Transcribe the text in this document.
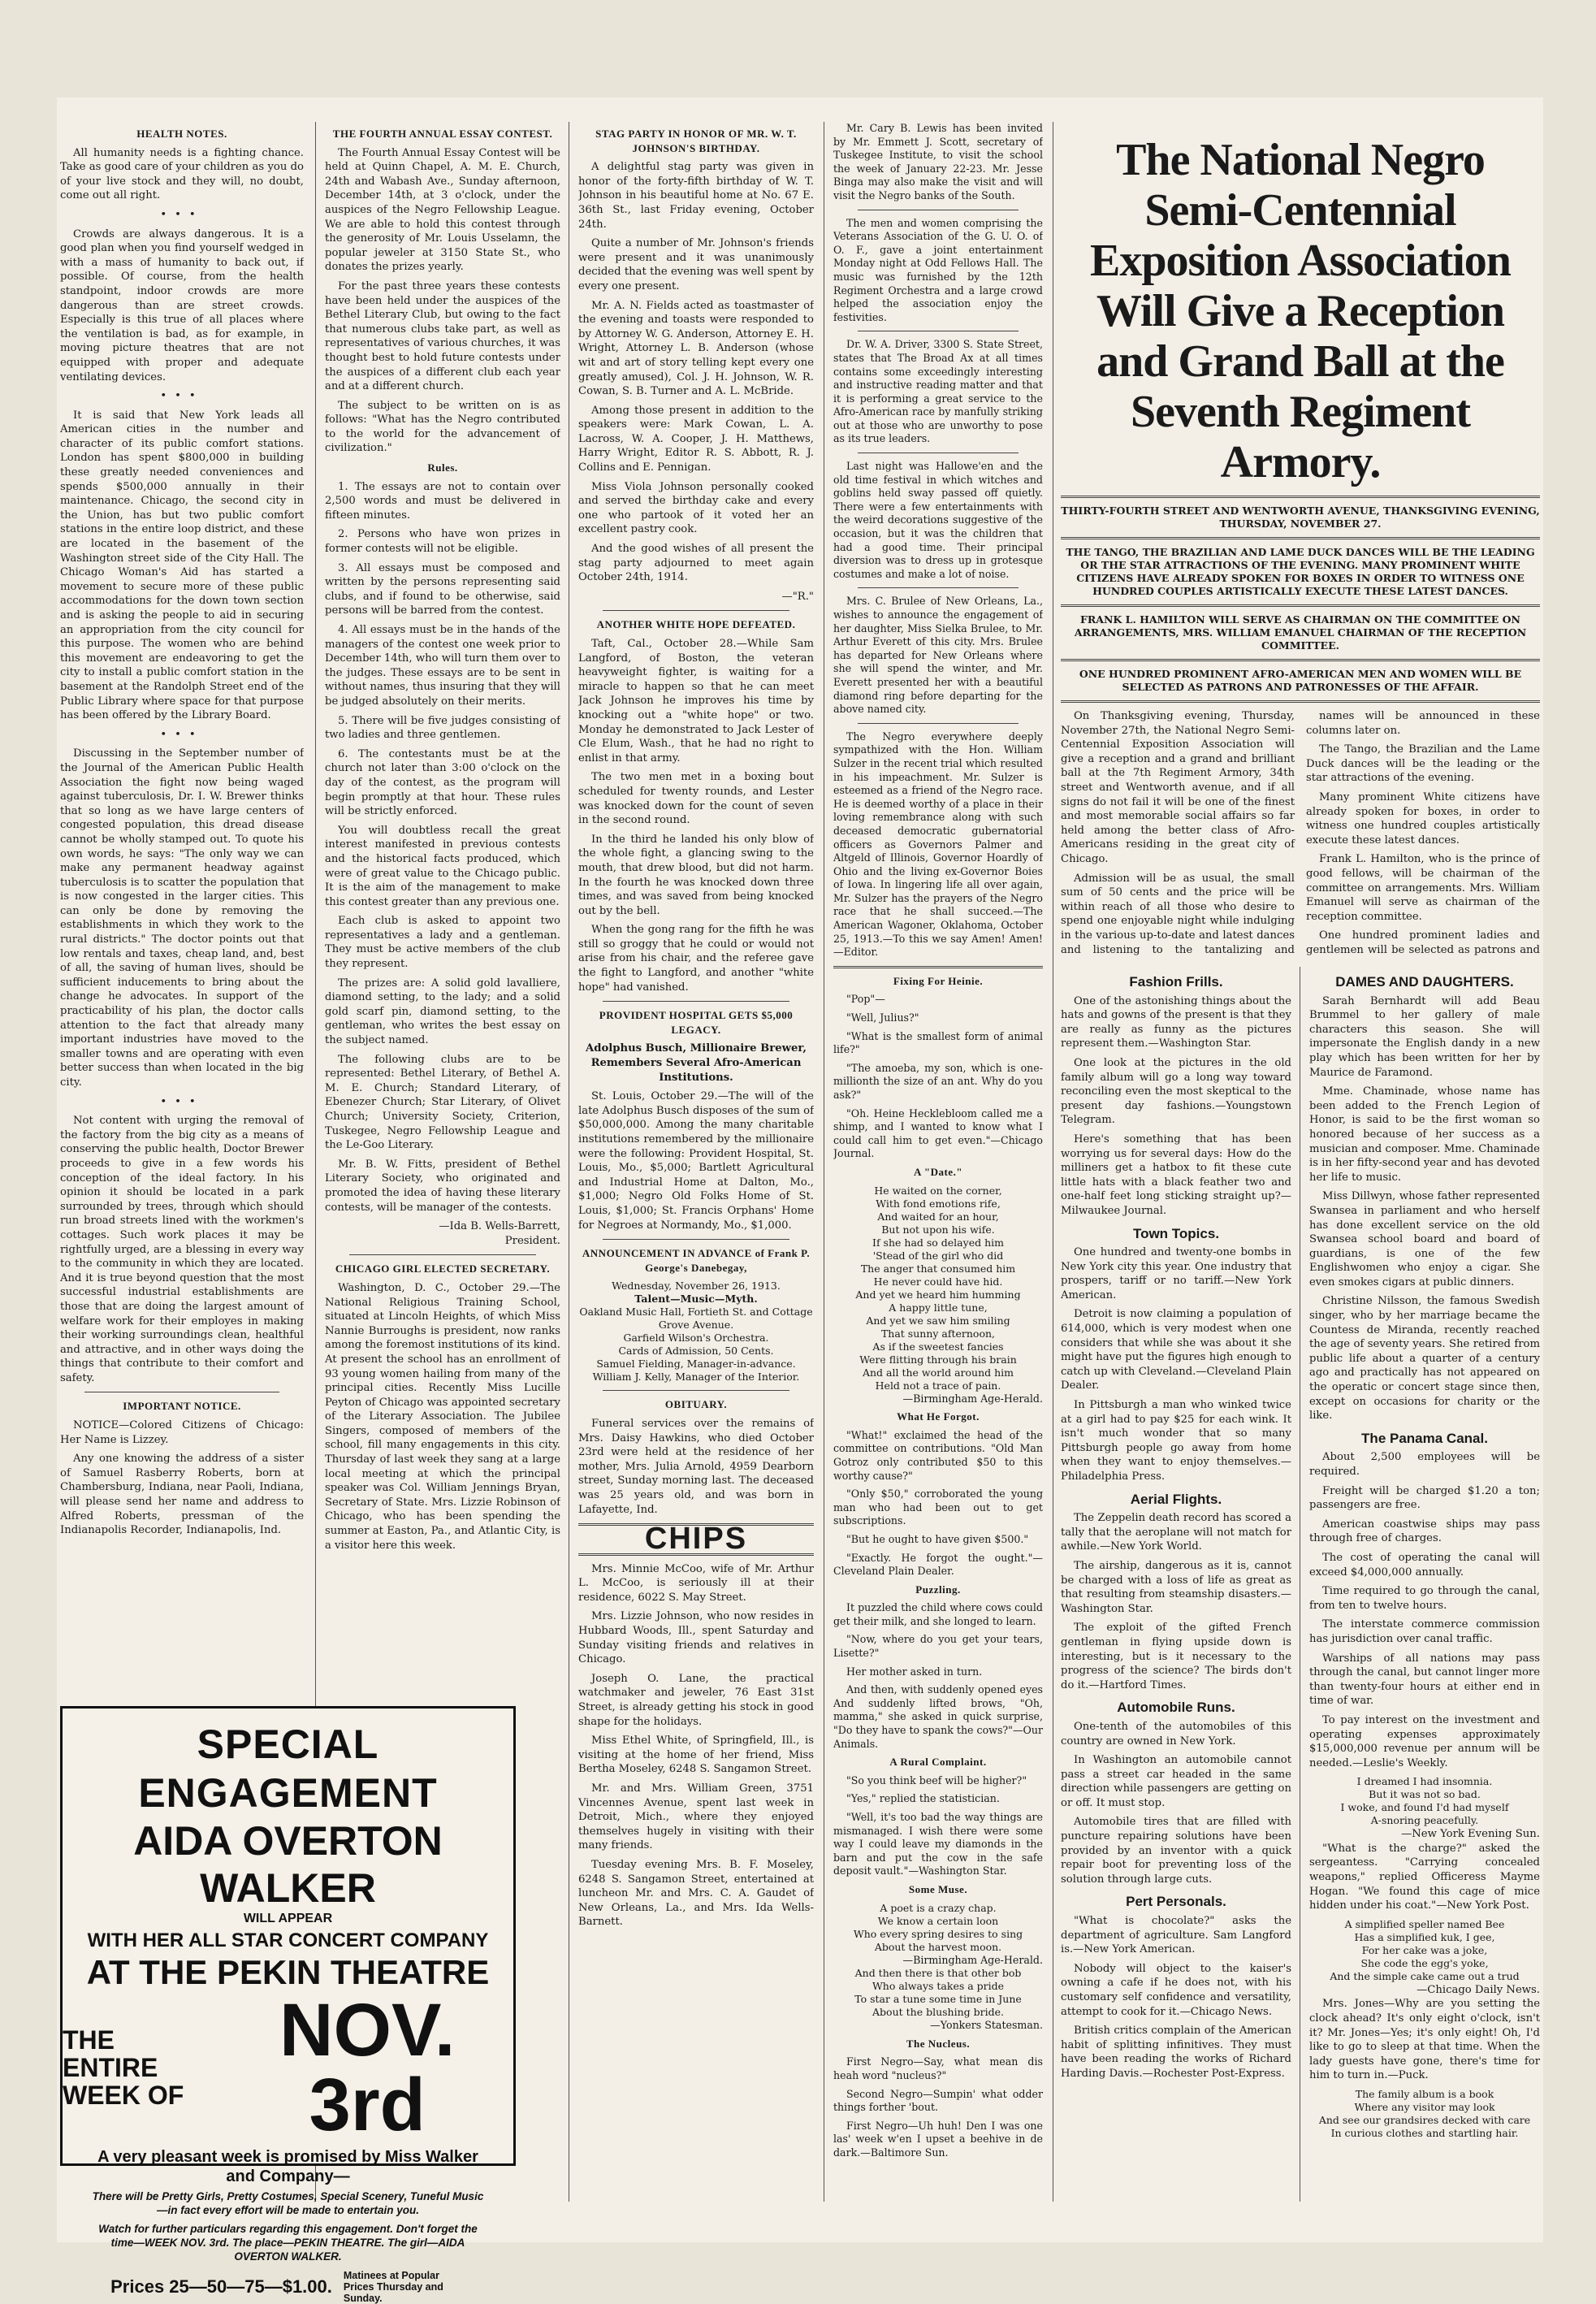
HEALTH NOTES.

All humanity needs is a fighting chance. Take as good care of your children as you do of your live stock and they will, no doubt, come out all right.

•••

Crowds are always dangerous. It is a good plan when you find yourself wedged in with a mass of humanity to back out, if possible. Of course, from the health standpoint, indoor crowds are more dangerous than are street crowds. Especially is this true of all places where the ventilation is bad, as for example, in moving picture theatres that are not equipped with proper and adequate ventilating devices.

•••

It is said that New York leads all American cities in the number and character of its public comfort stations. London has spent $800,000 in building these greatly needed conveniences and spends $500,000 annually in their maintenance. Chicago, the second city in the Union, has but two public comfort stations in the entire loop district, and these are located in the basement of the Washington street side of the City Hall. The Chicago Woman's Aid has started a movement to secure more of these public accommodations for the down town section and is asking the people to aid in securing an appropriation from the city council for this purpose. The women who are behind this movement are endeavoring to get the city to install a public comfort station in the basement at the Randolph Street end of the Public Library where space for that purpose has been offered by the Library Board.

•••

Discussing in the September number of the Journal of the American Public Health Association the fight now being waged against tuberculosis, Dr. I. W. Brewer thinks that so long as we have large centers of congested population, this dread disease cannot be wholly stamped out. To quote his own words, he says: "The only way we can make any permanent headway against tuberculosis is to scatter the population that is now congested in the larger cities. This can only be done by removing the establishments in which they work to the rural districts." The doctor points out that low rentals and taxes, cheap land, and, best of all, the saving of human lives, should be sufficient inducements to bring about the change he advocates. In support of the practicability of his plan, the doctor calls attention to the fact that already many important industries have moved to the smaller towns and are operating with even better success than when located in the big city.

•••

Not content with urging the removal of the factory from the big city as a means of conserving the public health, Doctor Brewer proceeds to give in a few words his conception of the ideal factory. In his opinion it should be located in a park surrounded by trees, through which should run broad streets lined with the workmen's cottages. Such work places it may be rightfully urged, are a blessing in every way to the community in which they are located. And it is true beyond question that the most successful industrial establishments are those that are doing the largest amount of welfare work for their employes in making their working surroundings clean, healthful and attractive, and in other ways doing the things that contribute to their comfort and safety.

IMPORTANT NOTICE.

NOTICE—Colored Citizens of Chicago: Her Name is Lizzey.

Any one knowing the address of a sister of Samuel Rasberry Roberts, born at Chambersburg, Indiana, near Paoli, Indiana, will please send her name and address to Alfred Roberts, pressman of the Indianapolis Recorder, Indianapolis, Ind.

THE FOURTH ANNUAL ESSAY CONTEST.

The Fourth Annual Essay Contest will be held at Quinn Chapel, A. M. E. Church, 24th and Wabash Ave., Sunday afternoon, December 14th, at 3 o'clock, under the auspices of the Negro Fellowship League. We are able to hold this contest through the generosity of Mr. Louis Usselamn, the popular jeweler at 3150 State St., who donates the prizes yearly.

For the past three years these contests have been held under the auspices of the Bethel Literary Club, but owing to the fact that numerous clubs take part, as well as representatives of various churches, it was thought best to hold future contests under the auspices of a different club each year and at a different church.

The subject to be written on is as follows: "What has the Negro contributed to the world for the advancement of civilization."

Rules.

1. The essays are not to contain over 2,500 words and must be delivered in fifteen minutes.

2. Persons who have won prizes in former contests will not be eligible.

3. All essays must be composed and written by the persons representing said clubs, and if found to be otherwise, said persons will be barred from the contest.

4. All essays must be in the hands of the managers of the contest one week prior to December 14th, who will turn them over to the judges. These essays are to be sent in without names, thus insuring that they will be judged absolutely on their merits.

5. There will be five judges consisting of two ladies and three gentlemen.

6. The contestants must be at the church not later than 3:00 o'clock on the day of the contest, as the program will begin promptly at that hour. These rules will be strictly enforced.

You will doubtless recall the great interest manifested in previous contests and the historical facts produced, which were of great value to the Chicago public. It is the aim of the management to make this contest greater than any previous one.

Each club is asked to appoint two representatives a lady and a gentleman. They must be active members of the club they represent.

The prizes are: A solid gold lavalliere, diamond setting, to the lady; and a solid gold scarf pin, diamond setting, to the gentleman, who writes the best essay on the subject named.

The following clubs are to be represented: Bethel Literary, of Bethel A. M. E. Church; Standard Literary, of Ebenezer Church; Star Literary, of Olivet Church; University Society, Criterion, Tuskegee, Negro Fellowship League and the Le-Goo Literary.

Mr. B. W. Fitts, president of Bethel Literary Society, who originated and promoted the idea of having these literary contests, will be manager of the contests.

—Ida B. Wells-Barrett,
President.
CHICAGO GIRL ELECTED SECRETARY.

Washington, D. C., October 29.—The National Religious Training School, situated at Lincoln Heights, of which Miss Nannie Burroughs is president, now ranks among the foremost institutions of its kind. At present the school has an enrollment of 93 young women hailing from many of the principal cities. Recently Miss Lucille Peyton of Chicago was appointed secretary of the Literary Association. The Jubilee Singers, composed of members of the school, fill many engagements in this city. Thursday of last week they sang at a large local meeting at which the principal speaker was Col. William Jennings Bryan, Secretary of State. Mrs. Lizzie Robinson of Chicago, who has been spending the summer at Easton, Pa., and Atlantic City, is a visitor here this week.

SPECIAL ENGAGEMENT
AIDA OVERTON WALKER
WILL APPEAR
WITH HER ALL STAR CONCERT COMPANY
AT THE PEKIN THEATRE
THE ENTIRE
WEEK OF
NOV. 3rd
A very pleasant week is promised by Miss Walker and Company—
There will be Pretty Girls, Pretty Costumes, Special Scenery, Tuneful Music—in fact every effort will be made to entertain you.
Watch for further particulars regarding this engagement. Don't forget the time—WEEK NOV. 3rd. The place—PEKIN THEATRE. The girl—AIDA OVERTON WALKER.
Prices 25—50—75—$1.00.
Matinees at Popular Prices Thursday and Sunday.
STAG PARTY IN HONOR OF MR. W. T. JOHNSON'S BIRTHDAY.

A delightful stag party was given in honor of the forty-fifth birthday of W. T. Johnson in his beautiful home at No. 67 E. 36th St., last Friday evening, October 24th.

Quite a number of Mr. Johnson's friends were present and it was unanimously decided that the evening was well spent by every one present.

Mr. A. N. Fields acted as toastmaster of the evening and toasts were responded to by Attorney W. G. Anderson, Attorney E. H. Wright, Attorney L. B. Anderson (whose wit and art of story telling kept every one greatly amused), Col. J. H. Johnson, W. R. Cowan, S. B. Turner and A. L. McBride.

Among those present in addition to the speakers were: Mark Cowan, L. A. Lacross, W. A. Cooper, J. H. Matthews, Harry Wright, Editor R. S. Abbott, R. J. Collins and E. Pennigan.

Miss Viola Johnson personally cooked and served the birthday cake and every one who partook of it voted her an excellent pastry cook.

And the good wishes of all present the stag party adjourned to meet again October 24th, 1914.

—"R."
ANOTHER WHITE HOPE DEFEATED.

Taft, Cal., October 28.—While Sam Langford, of Boston, the veteran heavyweight fighter, is waiting for a miracle to happen so that he can meet Jack Johnson he improves his time by knocking out a "white hope" or two. Monday he demonstrated to Jack Lester of Cle Elum, Wash., that he had no right to enlist in that army.

The two men met in a boxing bout scheduled for twenty rounds, and Lester was knocked down for the count of seven in the second round.

In the third he landed his only blow of the whole fight, a glancing swing to the mouth, that drew blood, but did not harm. In the fourth he was knocked down three times, and was saved from being knocked out by the bell.

When the gong rang for the fifth he was still so groggy that he could or would not arise from his chair, and the referee gave the fight to Langford, and another "white hope" had vanished.

PROVIDENT HOSPITAL GETS $5,000 LEGACY.

Adolphus Busch, Millionaire Brewer, Remembers Several Afro-American Institutions.

St. Louis, October 29.—The will of the late Adolphus Busch disposes of the sum of $50,000,000. Among the many charitable institutions remembered by the millionaire were the following: Provident Hospital, St. Louis, Mo., $5,000; Bartlett Agricultural and Industrial Home at Dalton, Mo., $1,000; Negro Old Folks Home of St. Louis, $1,000; St. Francis Orphans' Home for Negroes at Normandy, Mo., $1,000.

ANNOUNCEMENT IN ADVANCE of Frank P. George's Danebegay,
Wednesday, November 26, 1913.
Talent—Music—Myth.
Oakland Music Hall, Fortieth St. and Cottage Grove Avenue.
Garfield Wilson's Orchestra.
Cards of Admission, 50 Cents.
Samuel Fielding, Manager-in-advance.
William J. Kelly, Manager of the Interior.
OBITUARY.

Funeral services over the remains of Mrs. Daisy Hawkins, who died October 23rd were held at the residence of her mother, Mrs. Julia Arnold, 4959 Dearborn street, Sunday morning last. The deceased was 25 years old, and was born in Lafayette, Ind.

CHIPS

Mrs. Minnie McCoo, wife of Mr. Arthur L. McCoo, is seriously ill at their residence, 6022 S. May Street.

Mrs. Lizzie Johnson, who now resides in Hubbard Woods, Ill., spent Saturday and Sunday visiting friends and relatives in Chicago.

Joseph O. Lane, the practical watchmaker and jeweler, 76 East 31st Street, is already getting his stock in good shape for the holidays.

Miss Ethel White, of Springfield, Ill., is visiting at the home of her friend, Miss Bertha Moseley, 6248 S. Sangamon Street.

Mr. and Mrs. William Green, 3751 Vincennes Avenue, spent last week in Detroit, Mich., where they enjoyed themselves hugely in visiting with their many friends.

Tuesday evening Mrs. B. F. Moseley, 6248 S. Sangamon Street, entertained at luncheon Mr. and Mrs. C. A. Gaudet of New Orleans, La., and Mrs. Ida Wells-Barnett.

Mr. Cary B. Lewis has been invited by Mr. Emmett J. Scott, secretary of Tuskegee Institute, to visit the school the week of January 22-23. Mr. Jesse Binga may also make the visit and will visit the Negro banks of the South.

The men and women comprising the Veterans Association of the G. U. O. of O. F., gave a joint entertainment Monday night at Odd Fellows Hall. The music was furnished by the 12th Regiment Orchestra and a large crowd helped the association enjoy the festivities.

Dr. W. A. Driver, 3300 S. State Street, states that The Broad Ax at all times contains some exceedingly interesting and instructive reading matter and that it is performing a great service to the Afro-American race by manfully striking out at those who are unworthy to pose as its true leaders.

Last night was Hallowe'en and the old time festival in which witches and goblins held sway passed off quietly. There were a few entertainments with the weird decorations suggestive of the occasion, but it was the children that had a good time. Their principal diversion was to dress up in grotesque costumes and make a lot of noise.

Mrs. C. Brulee of New Orleans, La., wishes to announce the engagement of her daughter, Miss Sielka Brulee, to Mr. Arthur Everett of this city. Mrs. Brulee has departed for New Orleans where she will spend the winter, and Mr. Everett presented her with a beautiful diamond ring before departing for the above named city.

The Negro everywhere deeply sympathized with the Hon. William Sulzer in the recent trial which resulted in his impeachment. Mr. Sulzer is esteemed as a friend of the Negro race. He is deemed worthy of a place in their loving remembrance along with such deceased democratic gubernatorial officers as Governors Palmer and Altgeld of Illinois, Governor Hoardly of Ohio and the living ex-Governor Boies of Iowa. In lingering life all over again, Mr. Sulzer has the prayers of the Negro race that he shall succeed.—The American Wagoner, Oklahoma, October 25, 1913.—To this we say Amen! Amen! —Editor.

Fixing For Heinie.

"Pop"—

"Well, Julius?"

"What is the smallest form of animal life?"

"The amoeba, my son, which is one-millionth the size of an ant. Why do you ask?"

"Oh. Heine Hecklebloom called me a shimp, and I wanted to know what I could call him to get even."—Chicago Journal.

A "Date."
He waited on the corner,
With fond emotions rife,
And waited for an hour,
But not upon his wife.
If she had so delayed him
'Stead of the girl who did
The anger that consumed him
He never could have hid.
And yet we heard him humming
A happy little tune,
And yet we saw him smiling
That sunny afternoon,
As if the sweetest fancies
Were flitting through his brain
And all the world around him
Held not a trace of pain.
—Birmingham Age-Herald.
What He Forgot.

"What!" exclaimed the head of the committee on contributions. "Old Man Gotroz only contributed $50 to this worthy cause?"

"Only $50," corroborated the young man who had been out to get subscriptions.

"But he ought to have given $500."

"Exactly. He forgot the ought."—Cleveland Plain Dealer.

Puzzling.

It puzzled the child where cows could get their milk, and she longed to learn.

"Now, where do you get your tears, Lisette?"

Her mother asked in turn.

And then, with suddenly opened eyes And suddenly lifted brows, "Oh, mamma," she asked in quick surprise, "Do they have to spank the cows?"—Our Animals.

A Rural Complaint.

"So you think beef will be higher?"

"Yes," replied the statistician.

"Well, it's too bad the way things are mismanaged. I wish there were some way I could leave my diamonds in the barn and put the cow in the safe deposit vault."—Washington Star.

Some Muse.
A poet is a crazy chap.
We know a certain loon
Who every spring desires to sing
About the harvest moon.
—Birmingham Age-Herald.
And then there is that other bob
Who always takes a pride
To star a tune some time in June
About the blushing bride.
—Yonkers Statesman.
The Nucleus.

First Negro—Say, what mean dis heah word "nucleus?"

Second Negro—Sumpin' what odder things forther 'bout.

First Negro—Uh huh! Den I was one las' week w'en I upset a beehive in de dark.—Baltimore Sun.

The National Negro Semi-Centennial Exposition Association Will Give a Reception and Grand Ball at the Seventh Regiment Armory.
THIRTY-FOURTH STREET AND WENTWORTH AVENUE, THANKSGIVING EVENING, THURSDAY, NOVEMBER 27.
THE TANGO, THE BRAZILIAN AND LAME DUCK DANCES WILL BE THE LEADING OR THE STAR ATTRACTIONS OF THE EVENING. MANY PROMINENT WHITE CITIZENS HAVE ALREADY SPOKEN FOR BOXES IN ORDER TO WITNESS ONE HUNDRED COUPLES ARTISTICALLY EXECUTE THESE LATEST DANCES.
FRANK L. HAMILTON WILL SERVE AS CHAIRMAN ON THE COMMITTEE ON ARRANGEMENTS, MRS. WILLIAM EMANUEL CHAIRMAN OF THE RECEPTION COMMITTEE.
ONE HUNDRED PROMINENT AFRO-AMERICAN MEN AND WOMEN WILL BE SELECTED AS PATRONS AND PATRONESSES OF THE AFFAIR.

On Thanksgiving evening, Thursday, November 27th, the National Negro Semi-Centennial Exposition Association will give a reception and a grand and brilliant ball at the 7th Regiment Armory, 34th street and Wentworth avenue, and if all signs do not fail it will be one of the finest and most memorable social affairs so far held among the better class of Afro-Americans residing in the great city of Chicago.

Admission will be as usual, the small sum of 50 cents and the price will be within reach of all those who desire to spend one enjoyable night while indulging in the various up-to-date and latest dances and listening to the tantalizing and

names will be announced in these columns later on.

The Tango, the Brazilian and the Lame Duck dances will be the leading or the star attractions of the evening.

Many prominent White citizens have already spoken for boxes, in order to witness one hundred couples artistically execute these latest dances.

Frank L. Hamilton, who is the prince of good fellows, will be chairman of the committee on arrangements. Mrs. William Emanuel will serve as chairman of the reception committee.

One hundred prominent ladies and gentlemen will be selected as patrons and

Fashion Frills.

One of the astonishing things about the hats and gowns of the present is that they are really as funny as the pictures represent them.—Washington Star.

One look at the pictures in the old family album will go a long way toward reconciling even the most skeptical to the present day fashions.—Youngstown Telegram.

Here's something that has been worrying us for several days: How do the milliners get a hatbox to fit these cute little hats with a black feather two and one-half feet long sticking straight up?—Milwaukee Journal.

Town Topics.

One hundred and twenty-one bombs in New York city this year. One industry that prospers, tariff or no tariff.—New York American.

Detroit is now claiming a population of 614,000, which is very modest when one considers that while she was about it she might have put the figures high enough to catch up with Cleveland.—Cleveland Plain Dealer.

In Pittsburgh a man who winked twice at a girl had to pay $25 for each wink. It isn't much wonder that so many Pittsburgh people go away from home when they want to enjoy themselves.—Philadelphia Press.

Aerial Flights.

The Zeppelin death record has scored a tally that the aeroplane will not match for awhile.—New York World.

The airship, dangerous as it is, cannot be charged with a loss of life as great as that resulting from steamship disasters.—Washington Star.

The exploit of the gifted French gentleman in flying upside down is interesting, but is it necessary to the progress of the science? The birds don't do it.—Hartford Times.

Automobile Runs.

One-tenth of the automobiles of this country are owned in New York.

In Washington an automobile cannot pass a street car headed in the same direction while passengers are getting on or off. It must stop.

Automobile tires that are filled with puncture repairing solutions have been provided by an inventor with a quick repair boot for preventing loss of the solution through large cuts.

Pert Personals.

"What is chocolate?" asks the department of agriculture. Sam Langford is.—New York American.

Nobody will object to the kaiser's owning a cafe if he does not, with his customary self confidence and versatility, attempt to cook for it.—Chicago News.

British critics complain of the American habit of splitting infinitives. They must have been reading the works of Richard Harding Davis.—Rochester Post-Express.

DAMES AND DAUGHTERS.

Sarah Bernhardt will add Beau Brummel to her gallery of male characters this season. She will impersonate the English dandy in a new play which has been written for her by Maurice de Faramond.

Mme. Chaminade, whose name has been added to the French Legion of Honor, is said to be the first woman so honored because of her success as a musician and composer. Mme. Chaminade is in her fifty-second year and has devoted her life to music.

Miss Dillwyn, whose father represented Swansea in parliament and who herself has done excellent service on the old Swansea school board and board of guardians, is one of the few Englishwomen who enjoy a cigar. She even smokes cigars at public dinners.

Christine Nilsson, the famous Swedish singer, who by her marriage became the Countess de Miranda, recently reached the age of seventy years. She retired from public life about a quarter of a century ago and practically has not appeared on the operatic or concert stage since then, except on occasions for charity or the like.

The Panama Canal.

About 2,500 employees will be required.

Freight will be charged $1.20 a ton; passengers are free.

American coastwise ships may pass through free of charges.

The cost of operating the canal will exceed $4,000,000 annually.

Time required to go through the canal, from ten to twelve hours.

The interstate commerce commission has jurisdiction over canal traffic.

Warships of all nations may pass through the canal, but cannot linger more than twenty-four hours at either end in time of war.

To pay interest on the investment and operating expenses approximately $15,000,000 revenue per annum will be needed.—Leslie's Weekly.

I dreamed I had insomnia.
But it was not so bad.
I woke, and found I'd had myself
A-snoring peacefully.
—New York Evening Sun.

"What is the charge?" asked the sergeantess. "Carrying concealed weapons," replied Officeress Mayme Hogan. "We found this cage of mice hidden under his coat."—New York Post.

A simplified speller named Bee
Has a simplified kuk, I gee,
For her cake was a joke,
She code the egg's yoke,
And the simple cake came out a trud
—Chicago Daily News.

Mrs. Jones—Why are you setting the clock ahead? It's only eight o'clock, isn't it? Mr. Jones—Yes; it's only eight! Oh, I'd like to go to sleep at that time. When the lady guests have gone, there's time for him to turn in.—Puck.

The family album is a book
Where any visitor may look
And see our grandsires decked with care
In curious clothes and startling hair.
